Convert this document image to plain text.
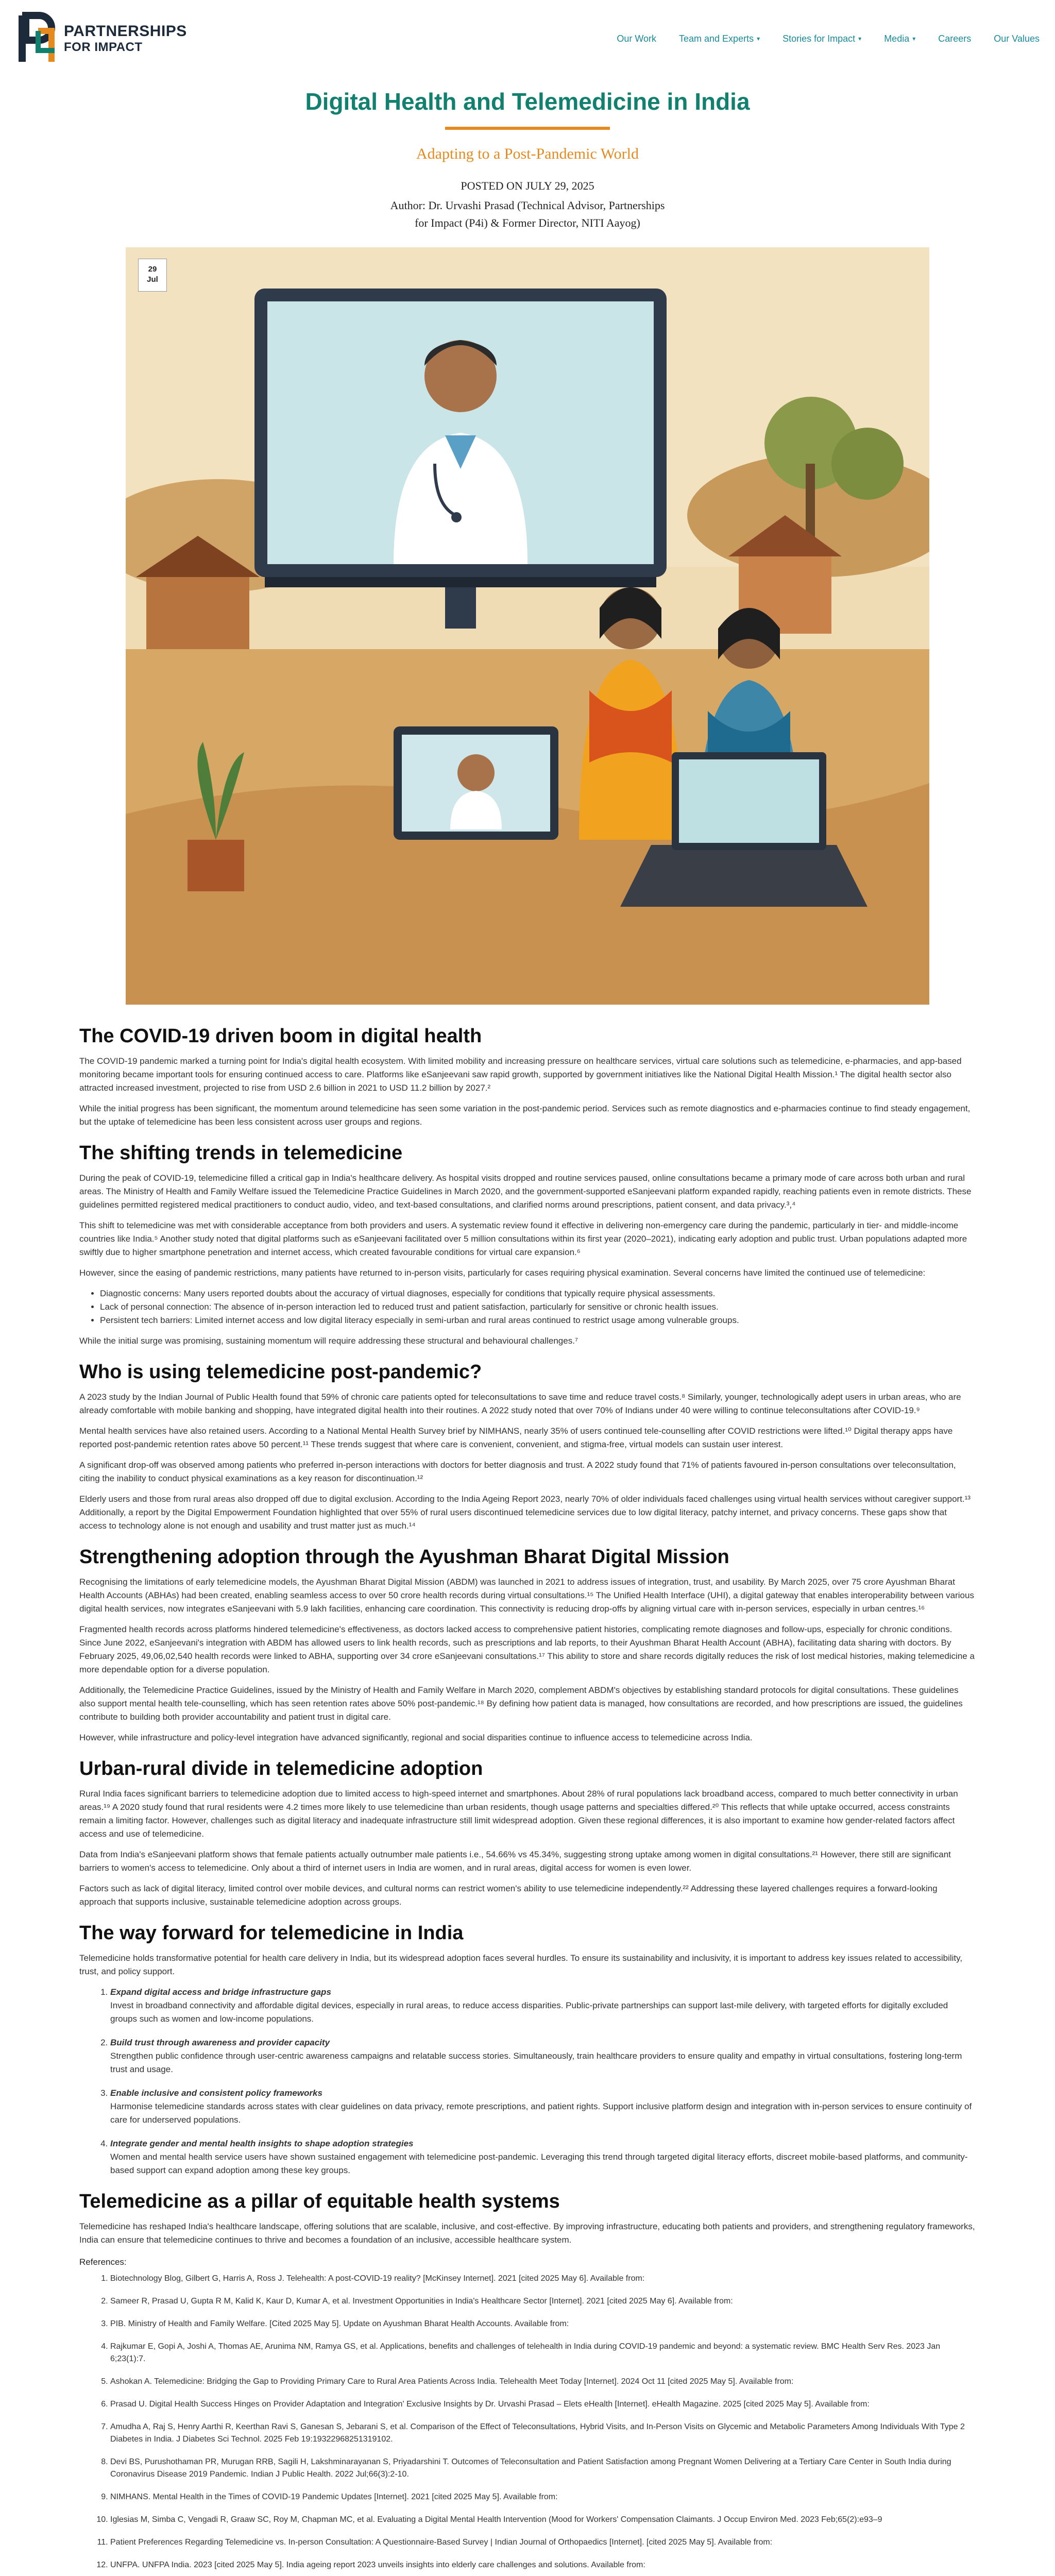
PARTNERSHIPS
FOR IMPACT
Our Work Team and Experts ▾ Stories for Impact ▾ Media ▾ Careers Our Values
Digital Health and Telemedicine in India
Adapting to a Post-Pandemic World
POSTED ON JULY 29, 2025
Author: Dr. Urvashi Prasad (Technical Advisor, Partnerships
for Impact (P4i) & Former Director, NITI Aayog)
29
Jul
The COVID-19 driven boom in digital health

The COVID-19 pandemic marked a turning point for India's digital health ecosystem. With limited mobility and increasing pressure on healthcare services, virtual care solutions such as telemedicine, e-pharmacies, and app-based monitoring became important tools for ensuring continued access to care. Platforms like eSanjeevani saw rapid growth, supported by government initiatives like the National Digital Health Mission.¹ The digital health sector also attracted increased investment, projected to rise from USD 2.6 billion in 2021 to USD 11.2 billion by 2027.²

While the initial progress has been significant, the momentum around telemedicine has seen some variation in the post-pandemic period. Services such as remote diagnostics and e-pharmacies continue to find steady engagement, but the uptake of telemedicine has been less consistent across user groups and regions.

The shifting trends in telemedicine

During the peak of COVID-19, telemedicine filled a critical gap in India's healthcare delivery. As hospital visits dropped and routine services paused, online consultations became a primary mode of care across both urban and rural areas. The Ministry of Health and Family Welfare issued the Telemedicine Practice Guidelines in March 2020, and the government-supported eSanjeevani platform expanded rapidly, reaching patients even in remote districts. These guidelines permitted registered medical practitioners to conduct audio, video, and text-based consultations, and clarified norms around prescriptions, patient consent, and data privacy.³,⁴

This shift to telemedicine was met with considerable acceptance from both providers and users. A systematic review found it effective in delivering non-emergency care during the pandemic, particularly in tier- and middle-income countries like India.⁵ Another study noted that digital platforms such as eSanjeevani facilitated over 5 million consultations within its first year (2020–2021), indicating early adoption and public trust. Urban populations adapted more swiftly due to higher smartphone penetration and internet access, which created favourable conditions for virtual care expansion.⁶

However, since the easing of pandemic restrictions, many patients have returned to in-person visits, particularly for cases requiring physical examination. Several concerns have limited the continued use of telemedicine:

• Diagnostic concerns: Many users reported doubts about the accuracy of virtual diagnoses, especially for conditions that typically require physical assessments.
• Lack of personal connection: The absence of in-person interaction led to reduced trust and patient satisfaction, particularly for sensitive or chronic health issues.
• Persistent tech barriers: Limited internet access and low digital literacy especially in semi-urban and rural areas continued to restrict usage among vulnerable groups.

While the initial surge was promising, sustaining momentum will require addressing these structural and behavioural challenges.⁷

Who is using telemedicine post-pandemic?

A 2023 study by the Indian Journal of Public Health found that 59% of chronic care patients opted for teleconsultations to save time and reduce travel costs.⁸ Similarly, younger, technologically adept users in urban areas, who are already comfortable with mobile banking and shopping, have integrated digital health into their routines. A 2022 study noted that over 70% of Indians under 40 were willing to continue teleconsultations after COVID-19.⁹

Mental health services have also retained users. According to a National Mental Health Survey brief by NIMHANS, nearly 35% of users continued tele-counselling after COVID restrictions were lifted.¹⁰ Digital therapy apps have reported post-pandemic retention rates above 50 percent.¹¹ These trends suggest that where care is convenient, convenient, and stigma-free, virtual models can sustain user interest.

A significant drop-off was observed among patients who preferred in-person interactions with doctors for better diagnosis and trust. A 2022 study found that 71% of patients favoured in-person consultations over teleconsultation, citing the inability to conduct physical examinations as a key reason for discontinuation.¹²

Elderly users and those from rural areas also dropped off due to digital exclusion. According to the India Ageing Report 2023, nearly 70% of older individuals faced challenges using virtual health services without caregiver support.¹³ Additionally, a report by the Digital Empowerment Foundation highlighted that over 55% of rural users discontinued telemedicine services due to low digital literacy, patchy internet, and privacy concerns. These gaps show that access to technology alone is not enough and usability and trust matter just as much.¹⁴

Strengthening adoption through the Ayushman Bharat Digital Mission

Recognising the limitations of early telemedicine models, the Ayushman Bharat Digital Mission (ABDM) was launched in 2021 to address issues of integration, trust, and usability. By March 2025, over 75 crore Ayushman Bharat Health Accounts (ABHAs) had been created, enabling seamless access to over 50 crore health records during virtual consultations.¹⁵ The Unified Health Interface (UHI), a digital gateway that enables interoperability between various digital health services, now integrates eSanjeevani with 5.9 lakh facilities, enhancing care coordination. This connectivity is reducing drop-offs by aligning virtual care with in-person services, especially in urban centres.¹⁶

Fragmented health records across platforms hindered telemedicine's effectiveness, as doctors lacked access to comprehensive patient histories, complicating remote diagnoses and follow-ups, especially for chronic conditions. Since June 2022, eSanjeevani's integration with ABDM has allowed users to link health records, such as prescriptions and lab reports, to their Ayushman Bharat Health Account (ABHA), facilitating data sharing with doctors. By February 2025, 49,06,02,540 health records were linked to ABHA, supporting over 34 crore eSanjeevani consultations.¹⁷ This ability to store and share records digitally reduces the risk of lost medical histories, making telemedicine a more dependable option for a diverse population.

Additionally, the Telemedicine Practice Guidelines, issued by the Ministry of Health and Family Welfare in March 2020, complement ABDM's objectives by establishing standard protocols for digital consultations. These guidelines also support mental health tele-counselling, which has seen retention rates above 50% post-pandemic.¹⁸ By defining how patient data is managed, how consultations are recorded, and how prescriptions are issued, the guidelines contribute to building both provider accountability and patient trust in digital care.

However, while infrastructure and policy-level integration have advanced significantly, regional and social disparities continue to influence access to telemedicine across India.

Urban-rural divide in telemedicine adoption

Rural India faces significant barriers to telemedicine adoption due to limited access to high-speed internet and smartphones. About 28% of rural populations lack broadband access, compared to much better connectivity in urban areas.¹⁹ A 2020 study found that rural residents were 4.2 times more likely to use telemedicine than urban residents, though usage patterns and specialties differed.²⁰ This reflects that while uptake occurred, access constraints remain a limiting factor. However, challenges such as digital literacy and inadequate infrastructure still limit widespread adoption. Given these regional differences, it is also important to examine how gender-related factors affect access and use of telemedicine.

Data from India's eSanjeevani platform shows that female patients actually outnumber male patients i.e., 54.66% vs 45.34%, suggesting strong uptake among women in digital consultations.²¹ However, there still are significant barriers to women's access to telemedicine. Only about a third of internet users in India are women, and in rural areas, digital access for women is even lower.

Factors such as lack of digital literacy, limited control over mobile devices, and cultural norms can restrict women's ability to use telemedicine independently.²² Addressing these layered challenges requires a forward-looking approach that supports inclusive, sustainable telemedicine adoption across groups.

The way forward for telemedicine in India

Telemedicine holds transformative potential for health care delivery in India, but its widespread adoption faces several hurdles. To ensure its sustainability and inclusivity, it is important to address key issues related to accessibility, trust, and policy support.

1. Expand digital access and bridge infrastructure gaps
Invest in broadband connectivity and affordable digital devices, especially in rural areas, to reduce access disparities. Public-private partnerships can support last-mile delivery, with targeted efforts for digitally excluded groups such as women and low-income populations.
2. Build trust through awareness and provider capacity
Strengthen public confidence through user-centric awareness campaigns and relatable success stories. Simultaneously, train healthcare providers to ensure quality and empathy in virtual consultations, fostering long-term trust and usage.
3. Enable inclusive and consistent policy frameworks
Harmonise telemedicine standards across states with clear guidelines on data privacy, remote prescriptions, and patient rights. Support inclusive platform design and integration with in-person services to ensure continuity of care for underserved populations.
4. Integrate gender and mental health insights to shape adoption strategies
Women and mental health service users have shown sustained engagement with telemedicine post-pandemic. Leveraging this trend through targeted digital literacy efforts, discreet mobile-based platforms, and community-based support can expand adoption among these key groups.
Telemedicine as a pillar of equitable health systems

Telemedicine has reshaped India's healthcare landscape, offering solutions that are scalable, inclusive, and cost-effective. By improving infrastructure, educating both patients and providers, and strengthening regulatory frameworks, India can ensure that telemedicine continues to thrive and becomes a foundation of an inclusive, accessible healthcare system.

References:
1. Biotechnology Blog, Gilbert G, Harris A, Ross J. Telehealth: A post-COVID-19 reality? [McKinsey Internet]. 2021 [cited 2025 May 6]. Available from:
2. Sameer R, Prasad U, Gupta R M, Kalid K, Kaur D, Kumar A, et al. Investment Opportunities in India's Healthcare Sector [Internet]. 2021 [cited 2025 May 6]. Available from:
3. PIB. Ministry of Health and Family Welfare. [Cited 2025 May 5]. Update on Ayushman Bharat Health Accounts. Available from:
4. Rajkumar E, Gopi A, Joshi A, Thomas AE, Arunima NM, Ramya GS, et al. Applications, benefits and challenges of telehealth in India during COVID-19 pandemic and beyond: a systematic review. BMC Health Serv Res. 2023 Jan 6;23(1):7.
5. Ashokan A. Telemedicine: Bridging the Gap to Providing Primary Care to Rural Area Patients Across India. Telehealth Meet Today [Internet]. 2024 Oct 11 [cited 2025 May 5]. Available from:
6. Prasad U. Digital Health Success Hinges on Provider Adaptation and Integration' Exclusive Insights by Dr. Urvashi Prasad – Elets eHealth [Internet]. eHealth Magazine. 2025 [cited 2025 May 5]. Available from:
7. Amudha A, Raj S, Henry Aarthi R, Keerthan Ravi S, Ganesan S, Jebarani S, et al. Comparison of the Effect of Teleconsultations, Hybrid Visits, and In-Person Visits on Glycemic and Metabolic Parameters Among Individuals With Type 2 Diabetes in India. J Diabetes Sci Technol. 2025 Feb 19:19322968251319102.
8. Devi BS, Purushothaman PR, Murugan RRB, Sagili H, Lakshminarayanan S, Priyadarshini T. Outcomes of Teleconsultation and Patient Satisfaction among Pregnant Women Delivering at a Tertiary Care Center in South India during Coronavirus Disease 2019 Pandemic. Indian J Public Health. 2022 Jul;66(3):2-10.
9. NIMHANS. Mental Health in the Times of COVID-19 Pandemic Updates [Internet]. 2021 [cited 2025 May 5]. Available from:
10. Iglesias M, Simba C, Vengadi R, Graaw SC, Roy M, Chapman MC, et al. Evaluating a Digital Mental Health Intervention (Mood for Workers' Compensation Claimants. J Occup Environ Med. 2023 Feb;65(2):e93–9
11. Patient Preferences Regarding Telemedicine vs. In-person Consultation: A Questionnaire-Based Survey | Indian Journal of Orthopaedics [Internet]. [cited 2025 May 5]. Available from:
12. UNFPA. UNFPA India. 2023 [cited 2025 May 5]. India ageing report 2023 unveils insights into elderly care challenges and solutions. Available from:
